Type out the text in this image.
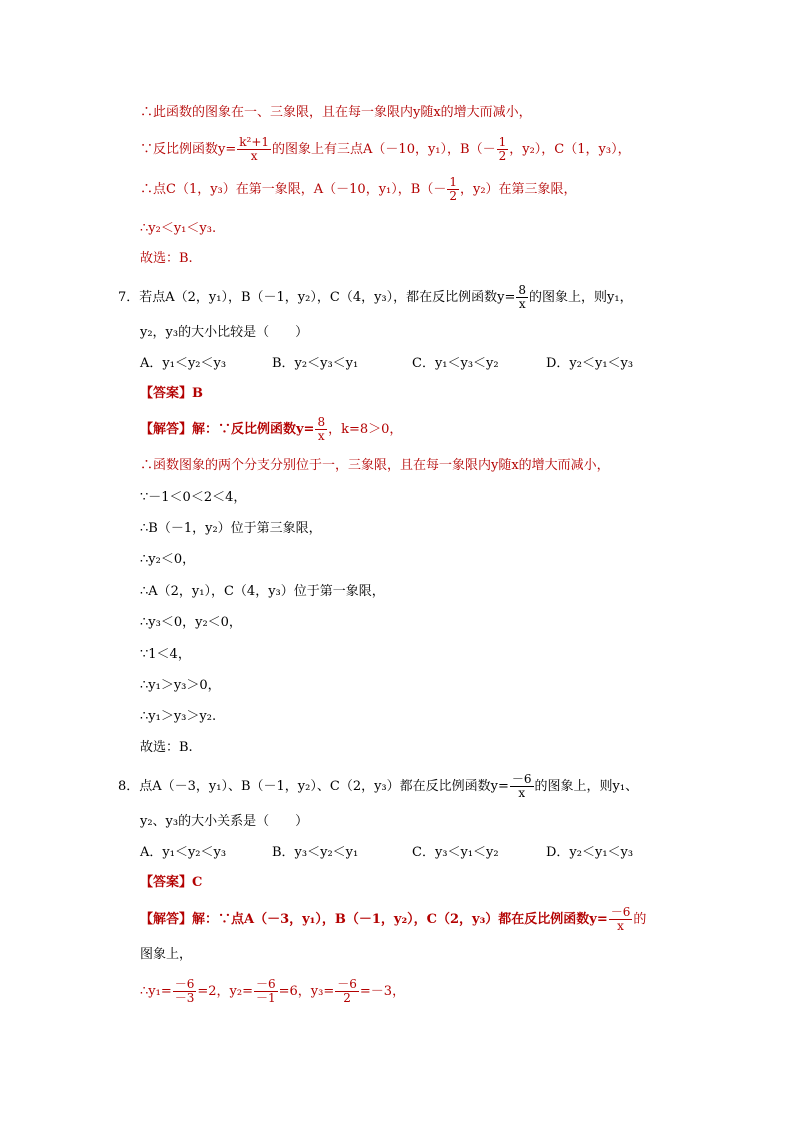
∴此函数的图象在一、三象限，且在每一象限内y随x的增大而减小，
∵反比例函数$y= \frac{\text{k²+1}}{x}$ 的图象上有三点A（－10，y₁），$B(- \frac{1}{2}$ ，y₂），C（1，y₃），
∴点C（1，y₃）在第一象限，A（－10，y₁），$B(- \frac{1}{2}$ ，y₂）在第三象限，
∴y₂＜y₁＜y₃.
故选：B.
7．若点A（2，y₁），B（－1，y₂），C（4，y₃），都在反比例函数$y= \frac{8}{x}$ 的图象上，则y₁，
y₂，y₃的大小比较是（　　）
A．y₁＜y₂＜y₃	B．y₂＜y₃＜y₁	C．y₁＜y₃＜y₂	D．y₂＜y₁＜y₃
【答案】B
【解答】解：∵反比例函数$y= \frac{8}{x}$ ，k=8＞0，
∴函数图象的两个分支分别位于一，三象限，且在每一象限内y随x的增大而减小，
∵－1＜0＜2＜4，
∴B（－1，y₂）位于第三象限，
∴y₂＜0，
∴A（2，y₁），C（4，y₃）位于第一象限，
∴y₃＜0，y₂＜0，
∵1＜4，
∴y₁＞y₃＞0，
∴y₁＞y₃＞y₂.
故选：B.
8．点A（－3，y₁）、B（－1，y₂）、C（2，y₃）都在反比例函数$y= \frac{-6}{x}$ 的图象上，则y₁、
y₂、y₃的大小关系是（　　）
A．y₁＜y₂＜y₃	B．y₃＜y₂＜y₁	C．y₃＜y₁＜y₂	D．y₂＜y₁＜y₃
【答案】C
【解答】解：∵点A（－3，y₁），B（－1，y₂），C（2，y₃）都在反比例函数$y= \frac{-6}{x}$ 的
图象上，
∴y₁= $\frac{-6}{-3} =2$，$y_2= \frac{-6}{-1} =6$，$y_3= \frac{-6}{2} =-3$，
